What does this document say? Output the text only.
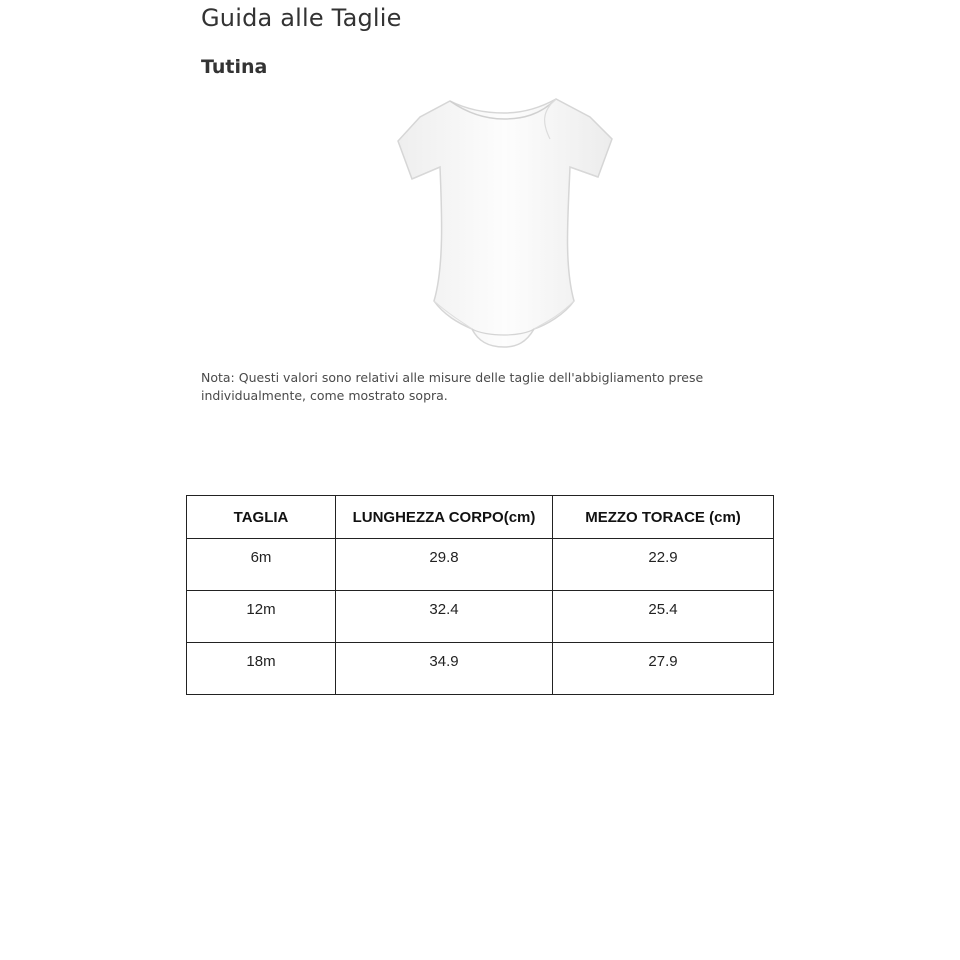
Guida alle Taglie
Tutina

Nota: Questi valori sono relativi alle misure delle taglie dell'abbigliamento prese individualmente, come mostrato sopra.

TAGLIA	LUNGHEZZA CORPO(cm)	MEZZO TORACE (cm)
6m	29.8	22.9
12m	32.4	25.4
18m	34.9	27.9
